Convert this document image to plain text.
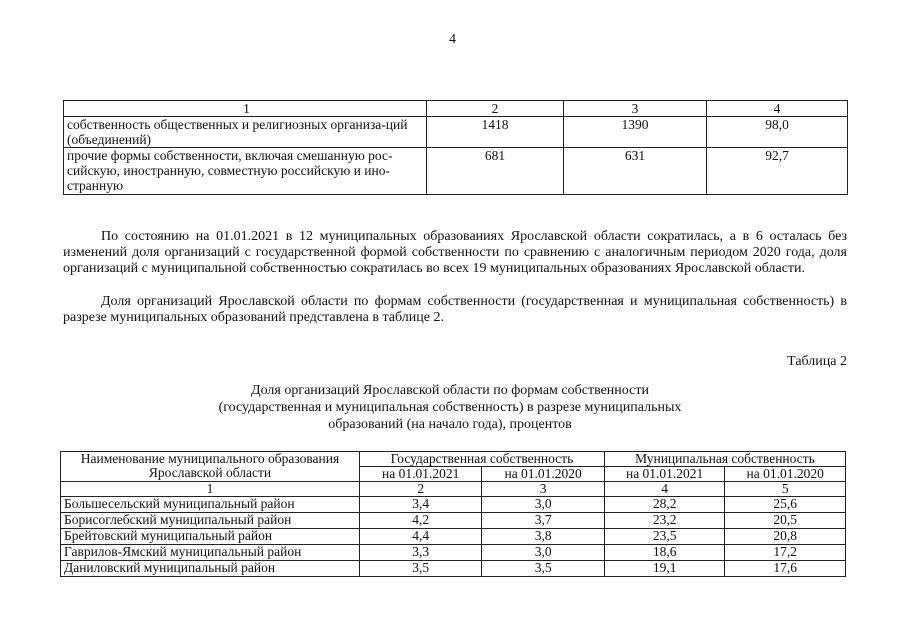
4
1	2	3	4
собственность общественных и религиозных организа-ций (объединений)	1418	1390	98,0
прочие формы собственности, включая смешанную рос-сийскую, иностранную, совместную российскую и ино-странную	681	631	92,7
По состоянию на 01.01.2021 в 12 муниципальных образованиях Ярославской области сократилась, а в 6 осталась без изменений доля организаций с государственной формой собственности по сравнению с аналогичным периодом 2020 года, доля организаций с муниципальной собственностью сократилась во всех 19 муниципальных образованиях Ярославской области.
Доля организаций Ярославской области по формам собственности (государственная и муниципальная собственность) в разрезе муниципальных образований представлена в таблице 2.
Таблица 2
Доля организаций Ярославской области по формам собственности
(государственная и муниципальная собственность) в разрезе муниципальных
образований (на начало года), процентов
Наименование муниципального образования Ярославской области	Государственная собственность		Муниципальная собственность	
	на 01.01.2021	на 01.01.2020	на 01.01.2021	на 01.01.2020
1	2	3	4	5
Большесельский муниципальный район	3,4	3,0	28,2	25,6
Борисоглебский муниципальный район	4,2	3,7	23,2	20,5
Брейтовский муниципальный район	4,4	3,8	23,5	20,8
Гаврилов-Ямский муниципальный район	3,3	3,0	18,6	17,2
Даниловский муниципальный район	3,5	3,5	19,1	17,6
